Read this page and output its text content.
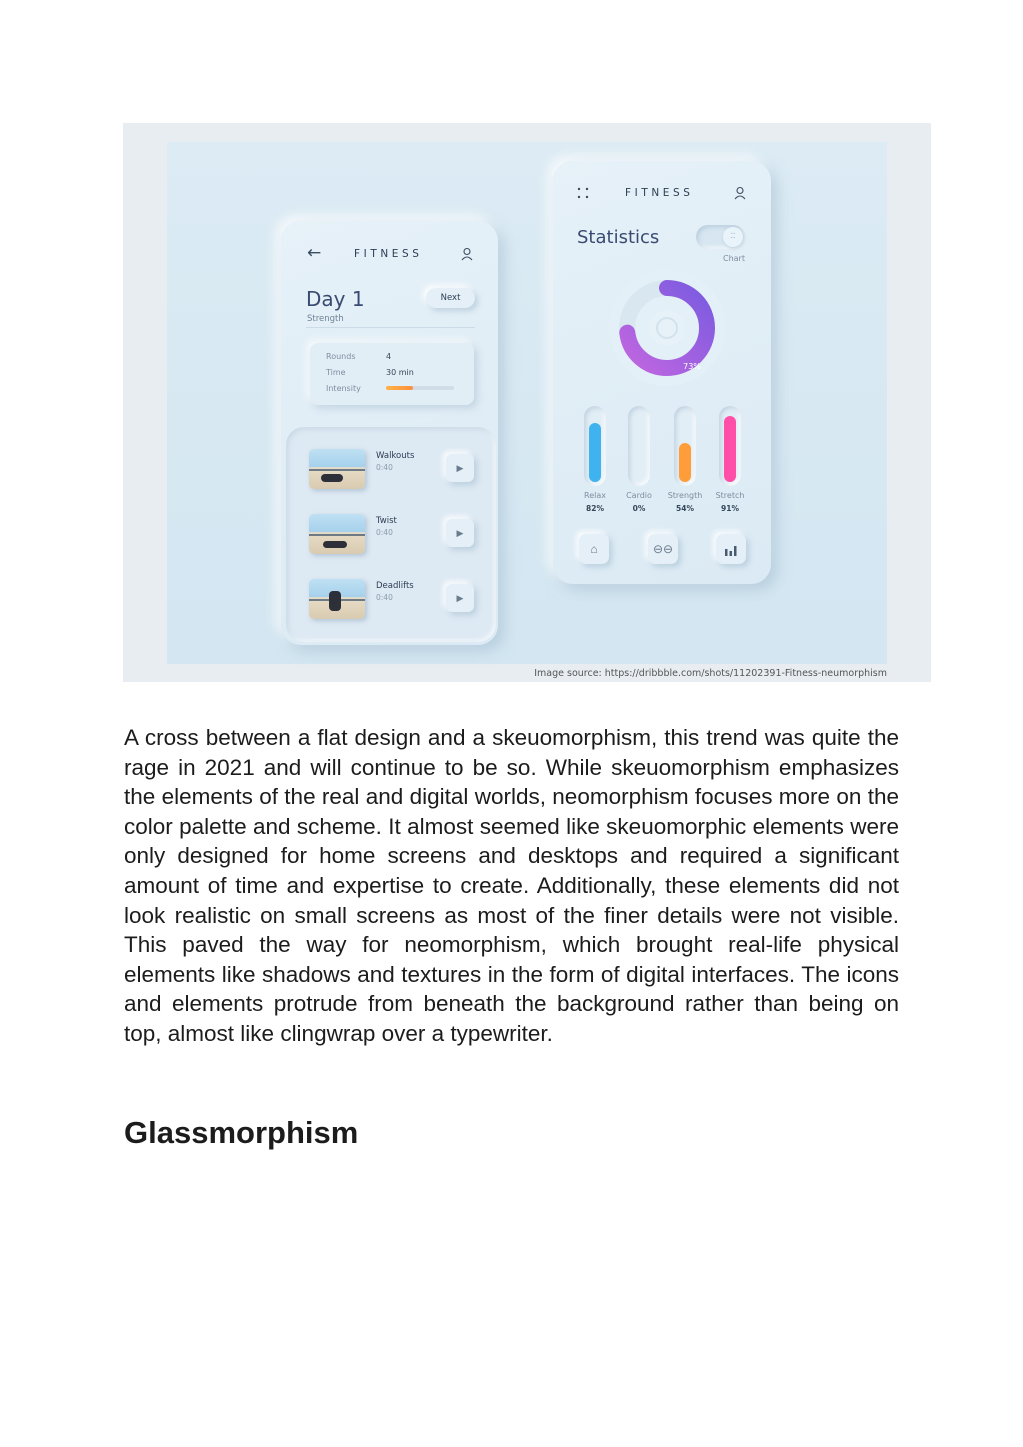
←	FITNESS
Day 1
Strength
Next
Rounds	4
Time	30 min
Intensity
Walkouts
0:40	▶
Twist
0:40	▶
Deadlifts
0:40	▶
FITNESS
Statistics	⁚⁚
Chart
73%
Relax
82%
Cardio
0%
Strength
54%
Stretch
91%
⌂	⊖⊖
Image source: https://dribbble.com/shots/11202391-Fitness-neumorphism

A cross between a flat design and a skeuomorphism, this trend was quite the rage in 2021 and will continue to be so. While skeuomorphism emphasizes the elements of the real and digital worlds, neomorphism focuses more on the color palette and scheme. It almost seemed like skeuomorphic elements were only designed for home screens and desktops and required a significant amount of time and expertise to create. Additionally, these elements did not look realistic on small screens as most of the finer details were not visible. This paved the way for neomorphism, which brought real-life physical elements like shadows and textures in the form of digital interfaces. The icons and elements protrude from beneath the background rather than being on top, almost like clingwrap over a typewriter.

Glassmorphism
